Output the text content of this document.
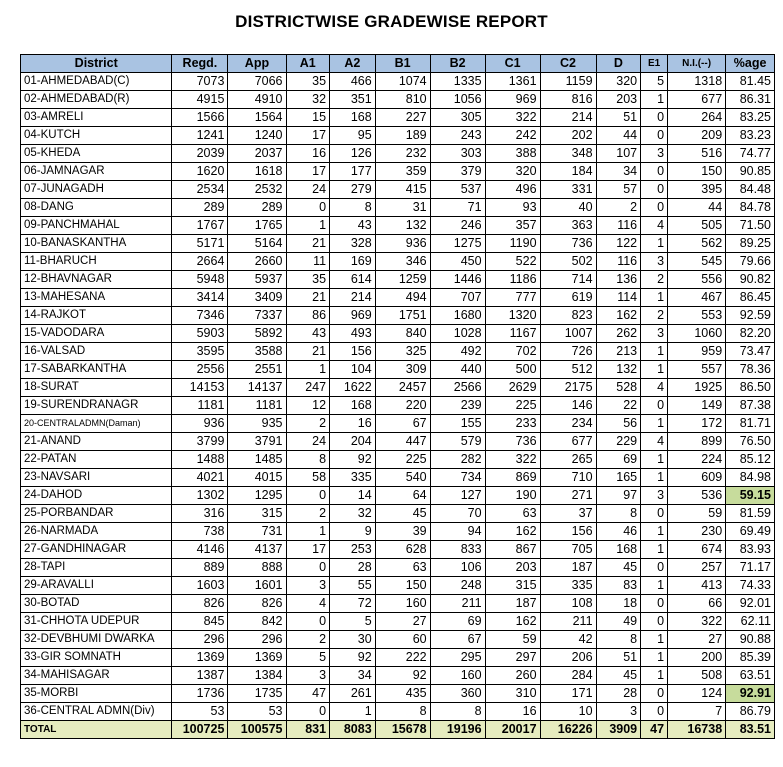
DISTRICTWISE GRADEWISE REPORT
District	Regd.	App	A1	A2	B1	B2	C1	C2	D	E1	N.I.(--)	%age
01-AHMEDABAD(C)	7073	7066	35	466	1074	1335	1361	1159	320	5	1318	81.45
02-AHMEDABAD(R)	4915	4910	32	351	810	1056	969	816	203	1	677	86.31
03-AMRELI	1566	1564	15	168	227	305	322	214	51	0	264	83.25
04-KUTCH	1241	1240	17	95	189	243	242	202	44	0	209	83.23
05-KHEDA	2039	2037	16	126	232	303	388	348	107	3	516	74.77
06-JAMNAGAR	1620	1618	17	177	359	379	320	184	34	0	150	90.85
07-JUNAGADH	2534	2532	24	279	415	537	496	331	57	0	395	84.48
08-DANG	289	289	0	8	31	71	93	40	2	0	44	84.78
09-PANCHMAHAL	1767	1765	1	43	132	246	357	363	116	4	505	71.50
10-BANASKANTHA	5171	5164	21	328	936	1275	1190	736	122	1	562	89.25
11-BHARUCH	2664	2660	11	169	346	450	522	502	116	3	545	79.66
12-BHAVNAGAR	5948	5937	35	614	1259	1446	1186	714	136	2	556	90.82
13-MAHESANA	3414	3409	21	214	494	707	777	619	114	1	467	86.45
14-RAJKOT	7346	7337	86	969	1751	1680	1320	823	162	2	553	92.59
15-VADODARA	5903	5892	43	493	840	1028	1167	1007	262	3	1060	82.20
16-VALSAD	3595	3588	21	156	325	492	702	726	213	1	959	73.47
17-SABARKANTHA	2556	2551	1	104	309	440	500	512	132	1	557	78.36
18-SURAT	14153	14137	247	1622	2457	2566	2629	2175	528	4	1925	86.50
19-SURENDRANAGR	1181	1181	12	168	220	239	225	146	22	0	149	87.38
20-CENTRALADMN(Daman)	936	935	2	16	67	155	233	234	56	1	172	81.71
21-ANAND	3799	3791	24	204	447	579	736	677	229	4	899	76.50
22-PATAN	1488	1485	8	92	225	282	322	265	69	1	224	85.12
23-NAVSARI	4021	4015	58	335	540	734	869	710	165	1	609	84.98
24-DAHOD	1302	1295	0	14	64	127	190	271	97	3	536	59.15
25-PORBANDAR	316	315	2	32	45	70	63	37	8	0	59	81.59
26-NARMADA	738	731	1	9	39	94	162	156	46	1	230	69.49
27-GANDHINAGAR	4146	4137	17	253	628	833	867	705	168	1	674	83.93
28-TAPI	889	888	0	28	63	106	203	187	45	0	257	71.17
29-ARAVALLI	1603	1601	3	55	150	248	315	335	83	1	413	74.33
30-BOTAD	826	826	4	72	160	211	187	108	18	0	66	92.01
31-CHHOTA UDEPUR	845	842	0	5	27	69	162	211	49	0	322	62.11
32-DEVBHUMI DWARKA	296	296	2	30	60	67	59	42	8	1	27	90.88
33-GIR SOMNATH	1369	1369	5	92	222	295	297	206	51	1	200	85.39
34-MAHISAGAR	1387	1384	3	34	92	160	260	284	45	1	508	63.51
35-MORBI	1736	1735	47	261	435	360	310	171	28	0	124	92.91
36-CENTRAL ADMN(Div)	53	53	0	1	8	8	16	10	3	0	7	86.79
TOTAL	100725	100575	831	8083	15678	19196	20017	16226	3909	47	16738	83.51
